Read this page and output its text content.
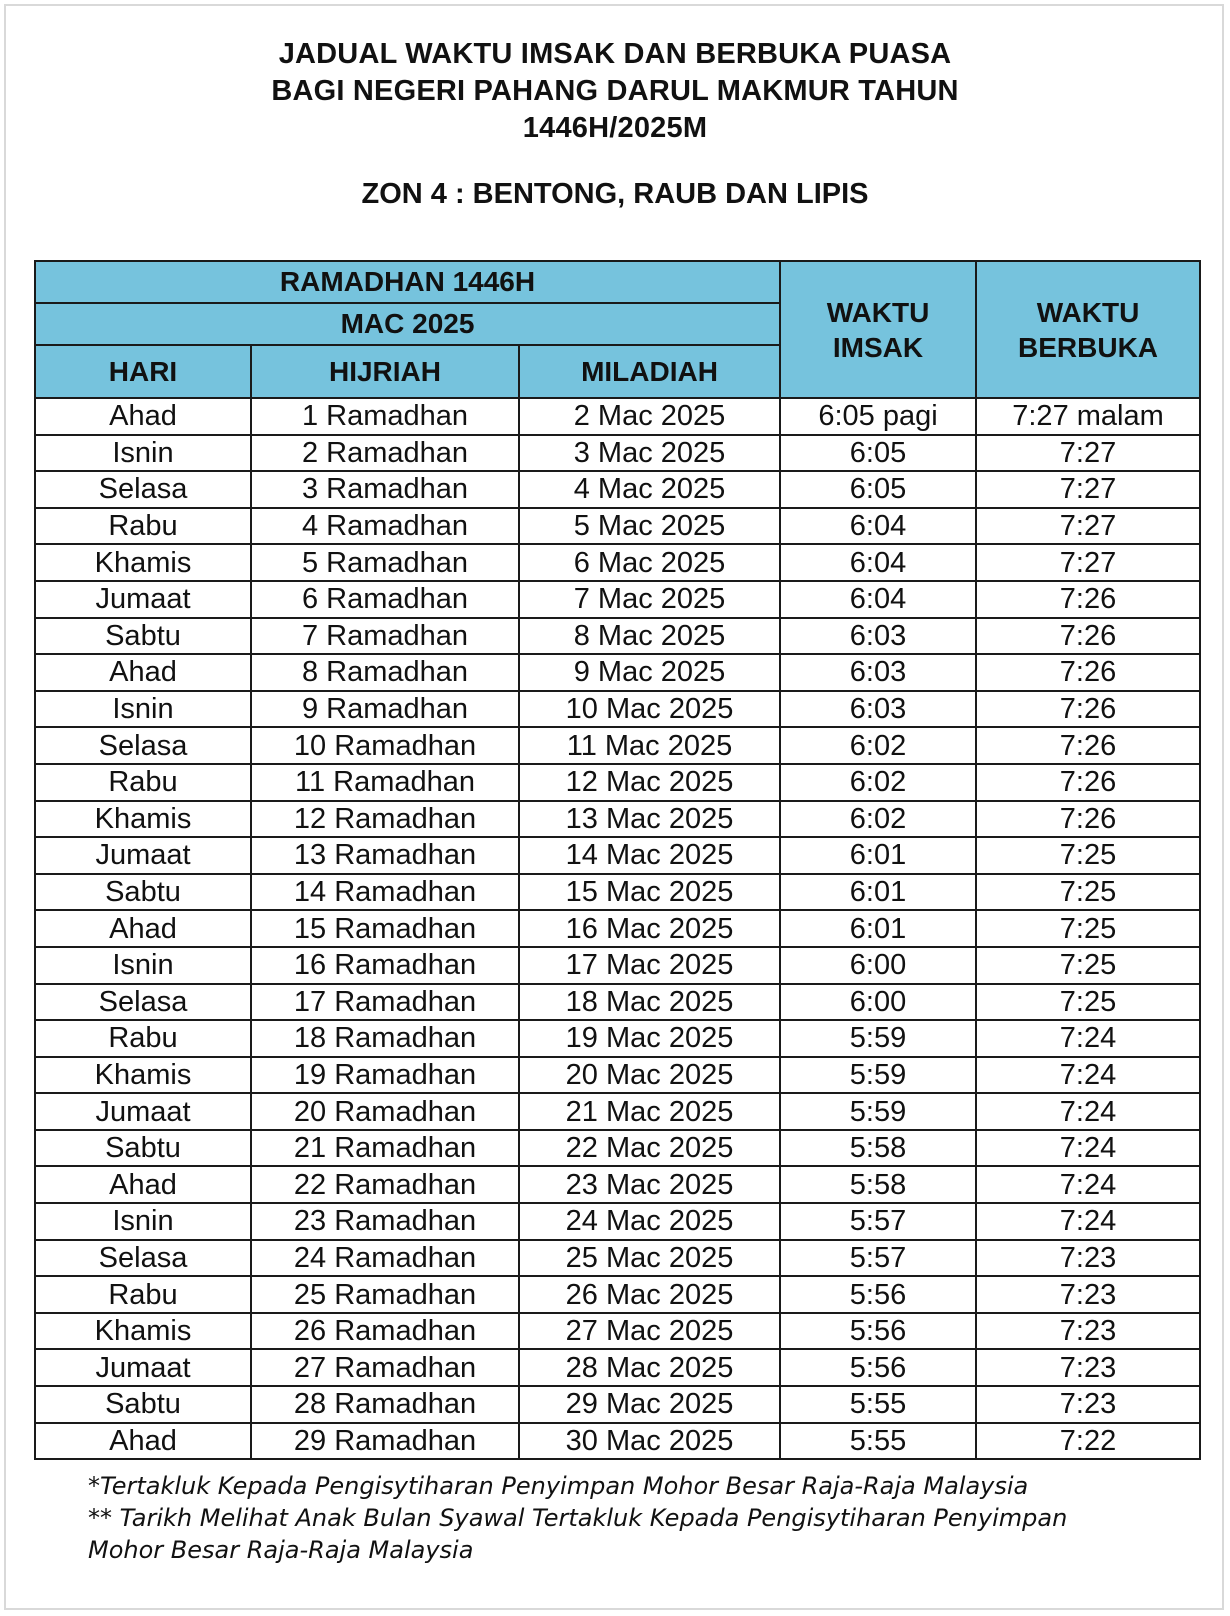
JADUAL WAKTU IMSAK DAN BERBUKA PUASA
BAGI NEGERI PAHANG DARUL MAKMUR TAHUN
1446H/2025M
ZON 4 : BENTONG, RAUB DAN LIPIS
RAMADHAN 1446H			WAKTU IMSAK	WAKTU BERBUKA
MAC 2025				
HARI	HIJRIAH	MILADIAH		
Ahad	1 Ramadhan	2 Mac 2025	6:05 pagi	7:27 malam
Isnin	2 Ramadhan	3 Mac 2025	6:05	7:27
Selasa	3 Ramadhan	4 Mac 2025	6:05	7:27
Rabu	4 Ramadhan	5 Mac 2025	6:04	7:27
Khamis	5 Ramadhan	6 Mac 2025	6:04	7:27
Jumaat	6 Ramadhan	7 Mac 2025	6:04	7:26
Sabtu	7 Ramadhan	8 Mac 2025	6:03	7:26
Ahad	8 Ramadhan	9 Mac 2025	6:03	7:26
Isnin	9 Ramadhan	10 Mac 2025	6:03	7:26
Selasa	10 Ramadhan	11 Mac 2025	6:02	7:26
Rabu	11 Ramadhan	12 Mac 2025	6:02	7:26
Khamis	12 Ramadhan	13 Mac 2025	6:02	7:26
Jumaat	13 Ramadhan	14 Mac 2025	6:01	7:25
Sabtu	14 Ramadhan	15 Mac 2025	6:01	7:25
Ahad	15 Ramadhan	16 Mac 2025	6:01	7:25
Isnin	16 Ramadhan	17 Mac 2025	6:00	7:25
Selasa	17 Ramadhan	18 Mac 2025	6:00	7:25
Rabu	18 Ramadhan	19 Mac 2025	5:59	7:24
Khamis	19 Ramadhan	20 Mac 2025	5:59	7:24
Jumaat	20 Ramadhan	21 Mac 2025	5:59	7:24
Sabtu	21 Ramadhan	22 Mac 2025	5:58	7:24
Ahad	22 Ramadhan	23 Mac 2025	5:58	7:24
Isnin	23 Ramadhan	24 Mac 2025	5:57	7:24
Selasa	24 Ramadhan	25 Mac 2025	5:57	7:23
Rabu	25 Ramadhan	26 Mac 2025	5:56	7:23
Khamis	26 Ramadhan	27 Mac 2025	5:56	7:23
Jumaat	27 Ramadhan	28 Mac 2025	5:56	7:23
Sabtu	28 Ramadhan	29 Mac 2025	5:55	7:23
Ahad	29 Ramadhan	30 Mac 2025	5:55	7:22
*Tertakluk Kepada Pengisytiharan Penyimpan Mohor Besar Raja-Raja Malaysia
** Tarikh Melihat Anak Bulan Syawal Tertakluk Kepada Pengisytiharan Penyimpan
Mohor Besar Raja-Raja Malaysia
